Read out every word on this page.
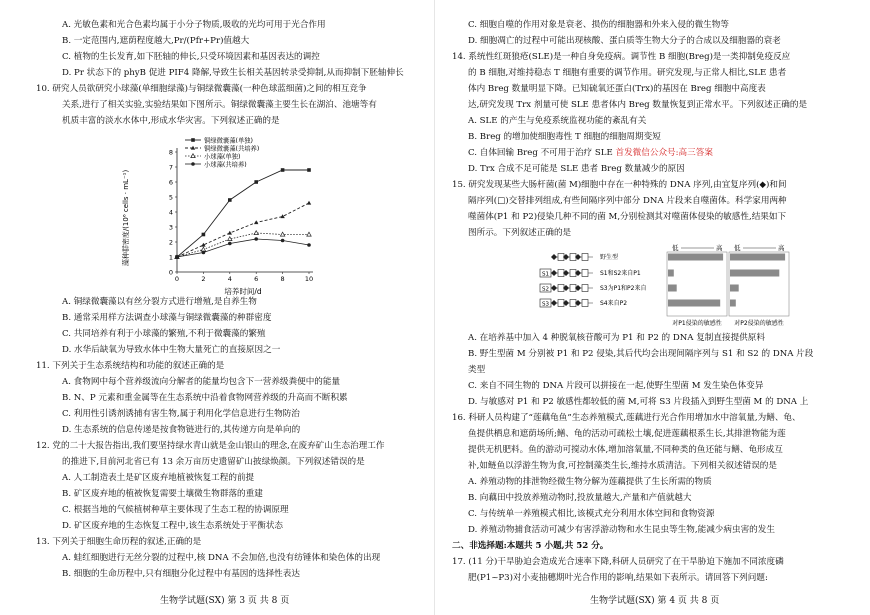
A. 光敏色素和光合色素均属于小分子物质,吸收的光均可用于光合作用
B. 一定范围内,遮荫程度越大,Pr/(Pfr+Pr)值越大
C. 植物的生长发育,如下胚轴的伸长,只受环境因素和基因表达的调控
D. Pr 状态下的 phyB 促进 PIF4 降解,导致生长相关基因转录受抑制,从而抑制下胚轴伸长
10. 研究人员欲研究小球藻(单细胞绿藻)与铜绿微囊藻(一种色球蓝细菌)之间的相互竞争
关系,进行了相关实验,实验结果如下图所示。铜绿微囊藻主要生长在湖泊、池塘等有
机质丰富的淡水水体中,形成水华灾害。下列叙述正确的是
藻种群密度/(10⁶ cells · mL⁻¹)
0
1
2
3
4
5
6
7
8
0	2	4	6	8	10
铜绿微囊藻(单独)
铜绿微囊藻(共培养)
小球藻(单独)
小球藻(共培养)
培养时间/d
A. 铜绿微囊藻以有丝分裂方式进行增殖,是自养生物
B. 通常采用样方法调查小球藻与铜绿微囊藻的种群密度
C. 共同培养有利于小球藻的繁殖,不利于微囊藻的繁殖
D. 水华后缺氧为导致水体中生物大量死亡的直接原因之一
11. 下列关于生态系统结构和功能的叙述正确的是
A. 食物网中每个营养级流向分解者的能量均包含下一营养级粪便中的能量
B. N、P 元素和重金属等在生态系统中沿着食物网营养级的升高而不断积累
C. 利用性引诱剂诱捕有害生物,属于利用化学信息进行生物防治
D. 生态系统的信息传递是按食物链进行的,其传递方向是单向的
12. 党的二十大报告指出,我们要坚持绿水青山就是金山银山的理念,在废弃矿山生态治理工作
的推进下,目前河北省已有 13 余万亩历史遗留矿山披绿焕颜。下列叙述错误的是
A. 人工制造表土是矿区废弃地植被恢复工程的前提
B. 矿区废弃地的植被恢复需要土壤微生物群落的重建
C. 根据当地的气候植树种草主要体现了生态工程的协调原理
D. 矿区废弃地的生态恢复工程中,该生态系统处于平衡状态
13. 下列关于细胞生命历程的叙述,正确的是
A. 蛙红细胞进行无丝分裂的过程中,核 DNA 不会加倍,也没有纺锤体和染色体的出现
B. 细胞的生命历程中,只有细胞分化过程中有基因的选择性表达
生物学试题(SX) 第 3 页 共 8 页
C. 细胞自噬的作用对象是衰老、损伤的细胞器和外来入侵的微生物等
D. 细胞凋亡的过程中可能出现核酸、蛋白质等生物大分子的合成以及细胞器的衰老
14. 系统性红斑狼疮(SLE)是一种自身免疫病。调节性 B 细胞(Breg)是一类抑制免疫反应
的 B 细胞,对维持稳态 T 细胞有重要的调节作用。研究发现,与正常人相比,SLE 患者
体内 Breg 数量明显下降。已知硫氧还蛋白(Trx)的基因在 Breg 细胞中高度表
达,研究发现 Trx 剂量可使 SLE 患者体内 Breg 数量恢复到正常水平。下列叙述正确的是
A. SLE 的产生与免疫系统监视功能的紊乱有关
B. Breg 的增加使细胞毒性 T 细胞的细胞周期变短
C. 自体回输 Breg 不可用于治疗 SLE 首发微信公众号:高三答案
D. Trx 合成不足可能是 SLE 患者 Breg 数量减少的原因
15. 研究发现某些大肠杆菌(菌 M)细胞中存在一种特殊的 DNA 序列,由宜复序列(◆)和间
隔序列(□)交替排列组成,有些间隔序列中部分 DNA 片段来自噬菌体。科学家用两种
噬菌体(P1 和 P2)侵染几种不同的菌 M,分别检测其对噬菌体侵染的敏感性,结果如下
图所示。下列叙述正确的是
野生型
S1	S1和S2来自P1
S2	S3为P1和P2来自
S3	S4来自P2
低	高
对P1侵染的敏感性
低	高
对P2侵染的敏感性
A. 在培养基中加入 4 种脱氧核苷酸可为 P1 和 P2 的 DNA 复制直接提供原料
B. 野生型菌 M 分别被 P1 和 P2 侵染,其后代均会出现间隔序列与 S1 和 S2 的 DNA 片段
类型
C. 来自不同生物的 DNA 片段可以拼接在一起,使野生型菌 M 发生染色体变异
D. 与敏感对 P1 和 P2 敏感性都较低的菌 M,可将 S3 片段插入到野生型菌 M 的 DNA 上
16. 科研人员构建了“莲藕龟鱼”生态养殖模式,莲藕进行光合作用增加水中溶氧量,为鳝、龟、
鱼提供栖息和遮荫场所;鳝、龟的活动可疏松土壤,促进莲藕根系生长,其排泄物能为莲
提供无机肥料。鱼的游动可搅动水体,增加溶氧量,不同种类的鱼还能与鳝、龟形成互
补,如鲢鱼以浮游生物为食,可控制藻类生长,维持水质清洁。下列相关叙述错误的是
A. 养殖动物的排泄物经微生物分解为莲藕提供了生长所需的物质
B. 向藕田中投放养殖动物时,投放量越大,产量和产值就越大
C. 与传统单一养殖模式相比,该模式充分利用水体空间和食物资源
D. 养殖动物捕食活动可减少有害浮游动物和水生昆虫等生物,能减少病虫害的发生
二、非选择题:本题共 5 小题,共 52 分。
17. (11 分)干旱胁迫会造成光合速率下降,科研人员研究了在干旱胁迫下施加不同浓度磷
肥(P1~P3)对小麦抽穗期叶光合作用的影响,结果如下表所示。请回答下列问题:
生物学试题(SX) 第 4 页 共 8 页
